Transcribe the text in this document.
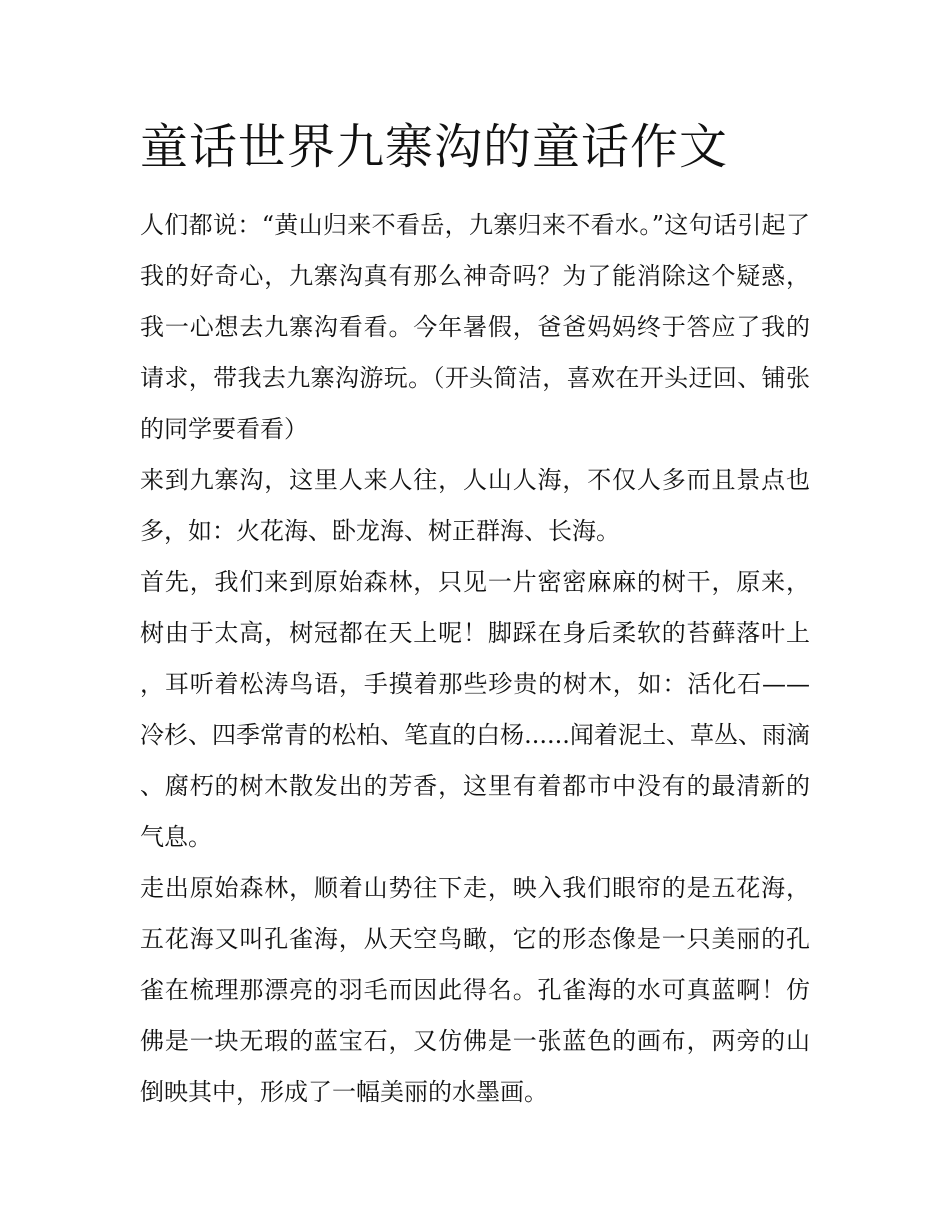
童话世界九寨沟的童话作文

人们都说：“黄山归来不看岳，九寨归来不看水。”这句话引起了我的好奇心，九寨沟真有那么神奇吗？为了能消除这个疑惑，我一心想去九寨沟看看。今年暑假，爸爸妈妈终于答应了我的请求，带我去九寨沟游玩。（开头简洁，喜欢在开头迂回、铺张的同学要看看）

来到九寨沟，这里人来人往，人山人海，不仅人多而且景点也多，如：火花海、卧龙海、树正群海、长海。

首先，我们来到原始森林，只见一片密密麻麻的树干，原来，树由于太高，树冠都在天上呢！脚踩在身后柔软的苔藓落叶上，耳听着松涛鸟语，手摸着那些珍贵的树木，如：活化石——冷杉、四季常青的松柏、笔直的白杨......闻着泥土、草丛、雨滴、腐朽的树木散发出的芳香，这里有着都市中没有的最清新的气息。

走出原始森林，顺着山势往下走，映入我们眼帘的是五花海，五花海又叫孔雀海，从天空鸟瞰，它的形态像是一只美丽的孔雀在梳理那漂亮的羽毛而因此得名。孔雀海的水可真蓝啊！仿佛是一块无瑕的蓝宝石，又仿佛是一张蓝色的画布，两旁的山倒映其中，形成了一幅美丽的水墨画。
